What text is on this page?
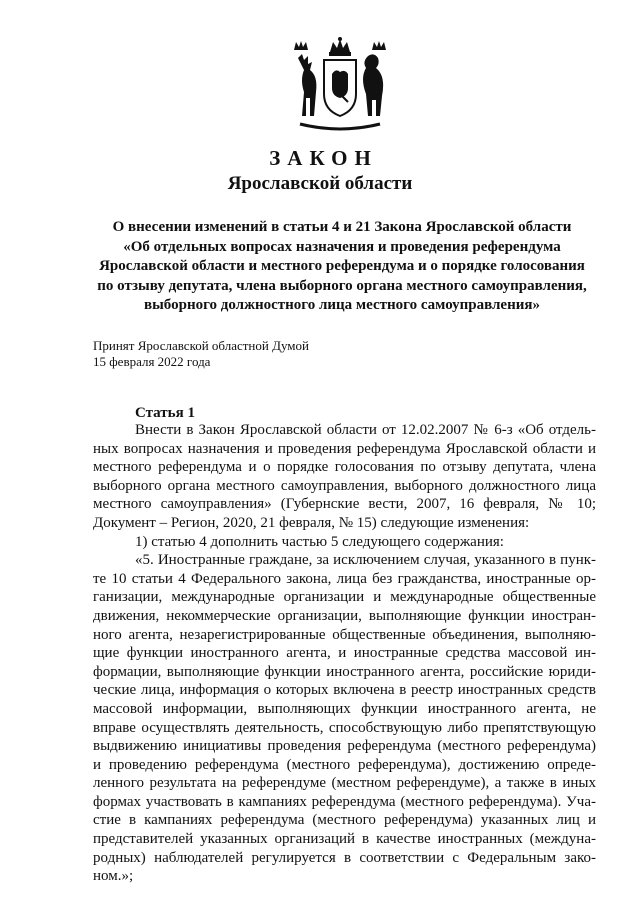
ЗАКОН
Ярославской области
О внесении изменений в статьи 4 и 21 Закона Ярославской области
«Об отдельных вопросах назначения и проведения референдума
Ярославской области и местного референдума и о порядке голосования
по отзыву депутата, члена выборного органа местного самоуправления,
выборного должностного лица местного самоуправления»
Принят Ярославской областной Думой
15 февраля 2022 года
Статья 1
Внести в Закон Ярославской области от 12.02.2007 № 6-з «Об отдель-
ных вопросах назначения и проведения референдума Ярославской области и
местного референдума и о порядке голосования по отзыву депутата, члена
выборного органа местного самоуправления, выборного должностного лица
местного самоуправления» (Губернские вести, 2007, 16 февраля, № 10;
Документ – Регион, 2020, 21 февраля, № 15) следующие изменения:
1) статью 4 дополнить частью 5 следующего содержания:
«5. Иностранные граждане, за исключением случая, указанного в пунк-
те 10 статьи 4 Федерального закона, лица без гражданства, иностранные ор-
ганизации, международные организации и международные общественные
движения, некоммерческие организации, выполняющие функции иностран-
ного агента, незарегистрированные общественные объединения, выполняю-
щие функции иностранного агента, и иностранные средства массовой ин-
формации, выполняющие функции иностранного агента, российские юриди-
ческие лица, информация о которых включена в реестр иностранных средств
массовой информации, выполняющих функции иностранного агента, не
вправе осуществлять деятельность, способствующую либо препятствующую
выдвижению инициативы проведения референдума (местного референдума)
и проведению референдума (местного референдума), достижению опреде-
ленного результата на референдуме (местном референдуме), а также в иных
формах участвовать в кампаниях референдума (местного референдума). Уча-
стие в кампаниях референдума (местного референдума) указанных лиц и
представителей указанных организаций в качестве иностранных (междуна-
родных) наблюдателей регулируется в соответствии с Федеральным зако-
ном.»;
